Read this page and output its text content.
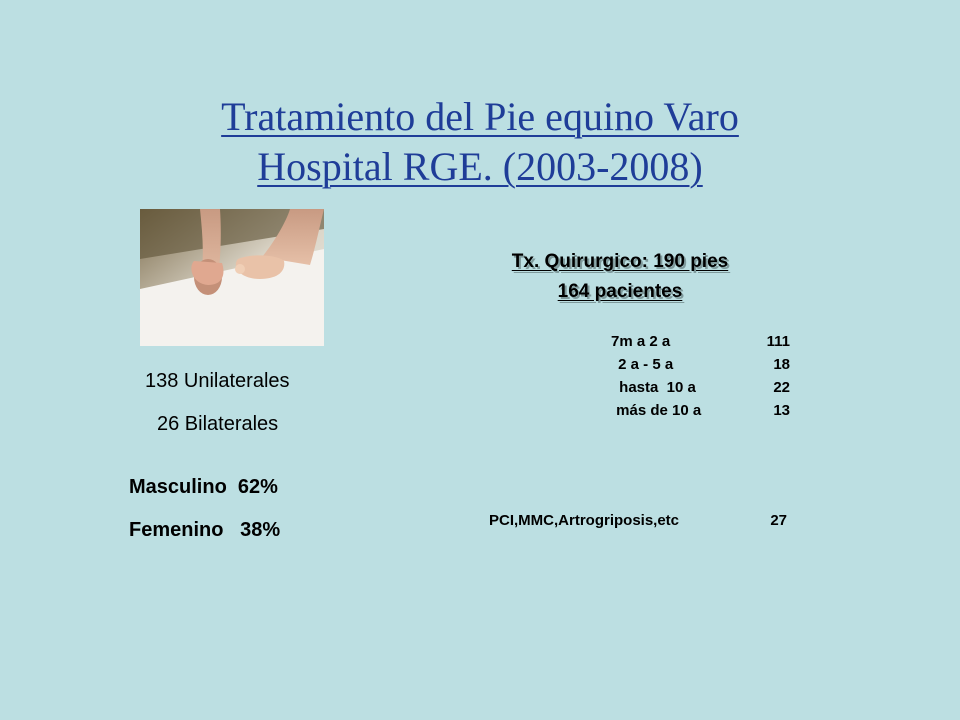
Tratamiento del Pie equino Varo
Hospital RGE. (2003-2008)
138 Unilaterales
26 Bilaterales
Masculino  62%
Femenino   38%
Tx. Quirurgico: 190 pies
164 pacientes
7m a 2 a	111
2 a - 5 a	18
hasta  10 a	22
más de 10 a	13
PCI,MMC,Artrogriposis,etc	27
